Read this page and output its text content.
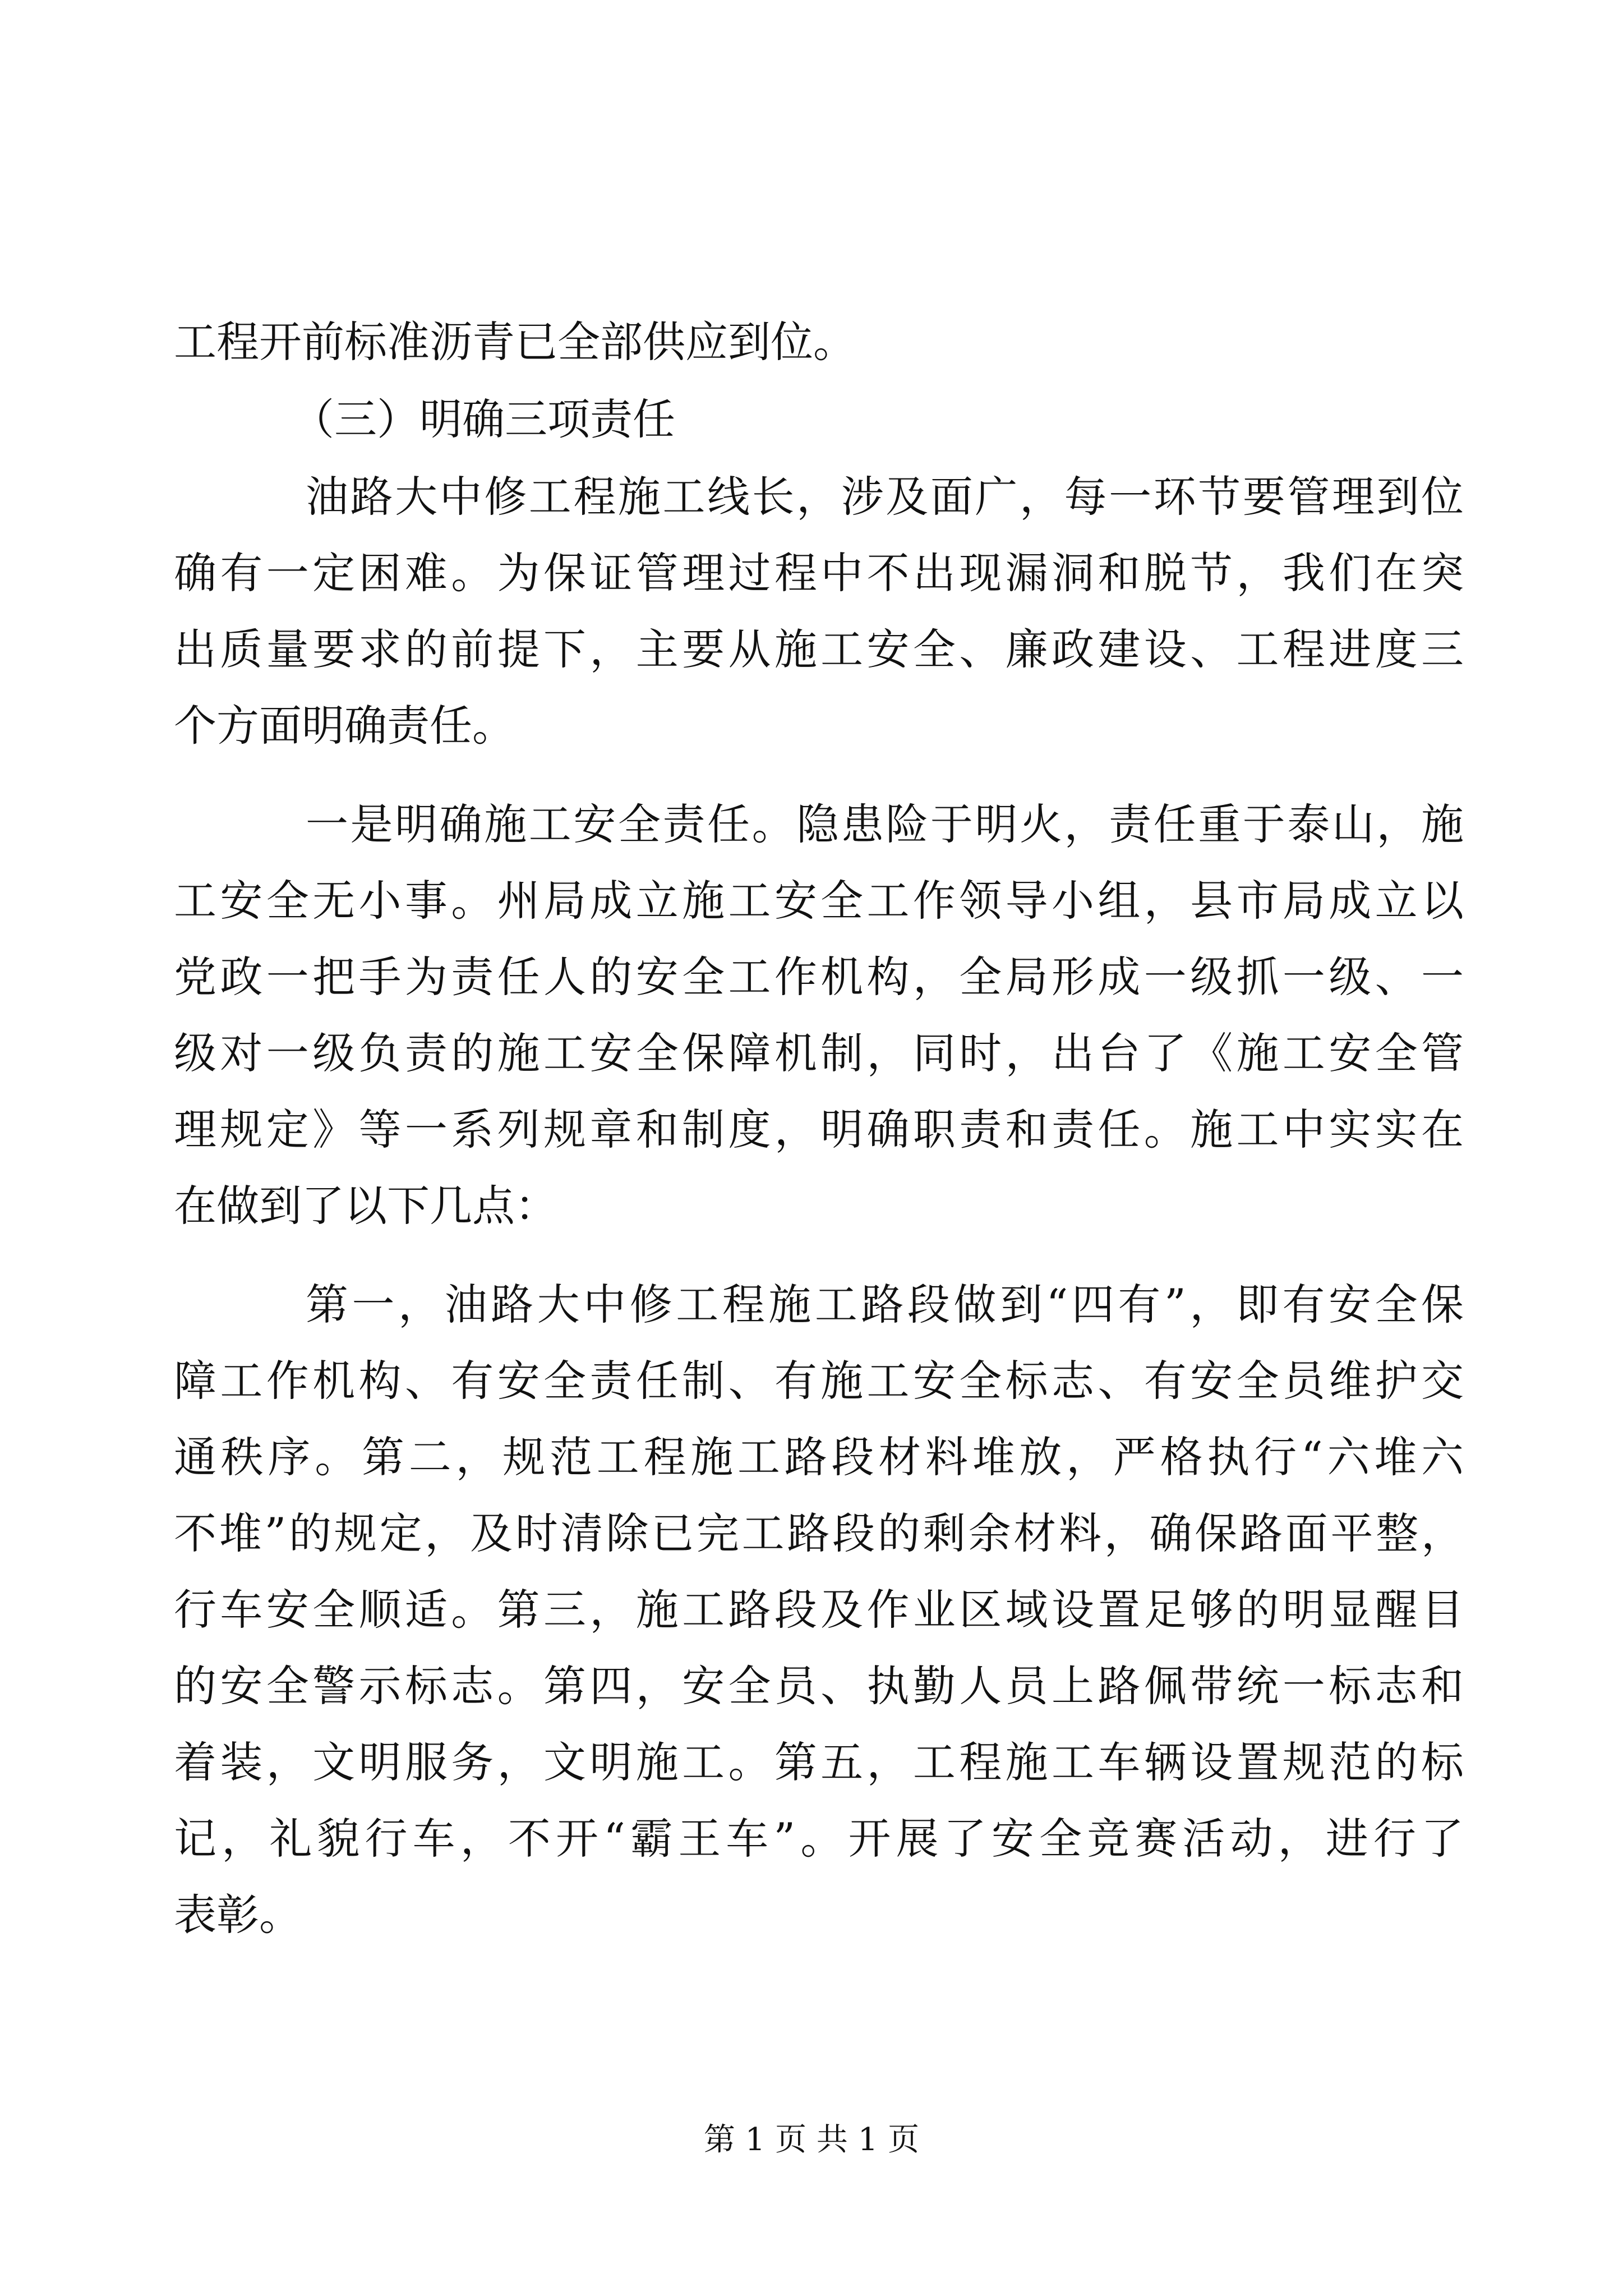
工程开前标准沥青已全部供应到位。
（三）明确三项责任
油路大中修工程施工线长，涉及面广，每一环节要管理到位
确有一定困难。为保证管理过程中不出现漏洞和脱节，我们在突
出质量要求的前提下，主要从施工安全、廉政建设、工程进度三
个方面明确责任。
一是明确施工安全责任。隐患险于明火，责任重于泰山，施
工安全无小事。州局成立施工安全工作领导小组，县市局成立以
党政一把手为责任人的安全工作机构，全局形成一级抓一级、一
级对一级负责的施工安全保障机制，同时，出台了《施工安全管
理规定》等一系列规章和制度，明确职责和责任。施工中实实在
在做到了以下几点：
第一，油路大中修工程施工路段做到“四有”，即有安全保
障工作机构、有安全责任制、有施工安全标志、有安全员维护交
通秩序。第二，规范工程施工路段材料堆放，严格执行“六堆六
不堆”的规定，及时清除已完工路段的剩余材料，确保路面平整，
行车安全顺适。第三，施工路段及作业区域设置足够的明显醒目
的安全警示标志。第四，安全员、执勤人员上路佩带统一标志和
着装，文明服务，文明施工。第五，工程施工车辆设置规范的标
记，礼貌行车，不开“霸王车”。开展了安全竞赛活动，进行了
表彰。
第 1 页 共 1 页
